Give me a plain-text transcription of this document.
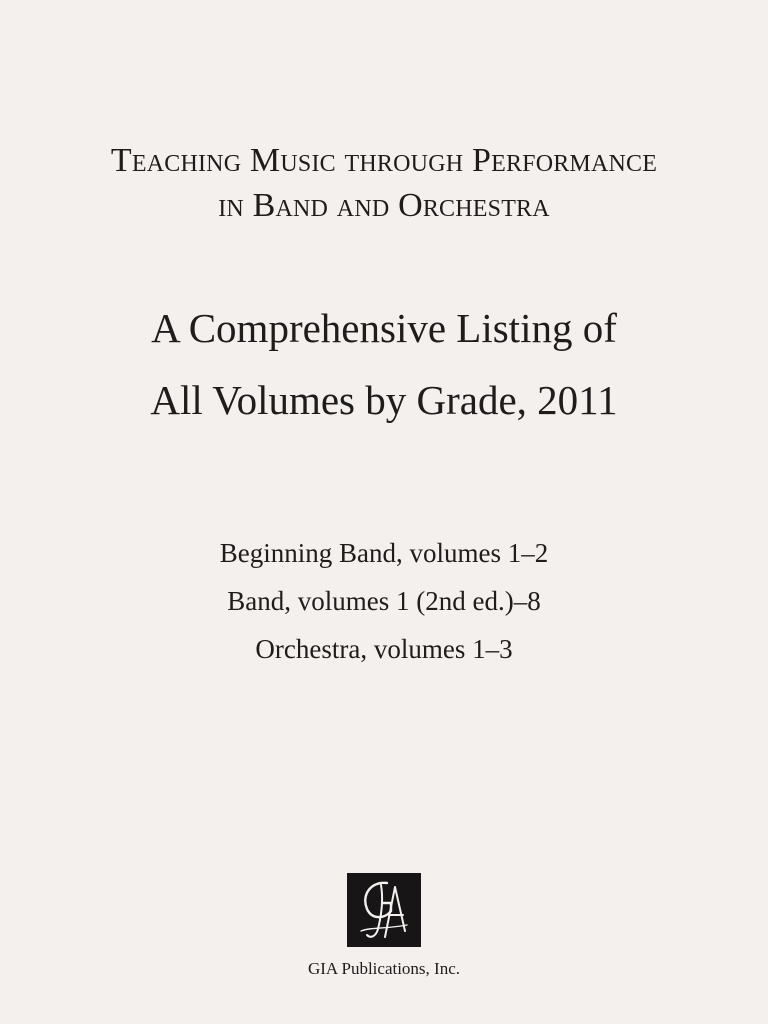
Teaching Music through Performance
in Band and Orchestra
A Comprehensive Listing of
All Volumes by Grade, 2011
Beginning Band, volumes 1–2
Band, volumes 1 (2nd ed.)–8
Orchestra, volumes 1–3
GIA Publications, Inc.
